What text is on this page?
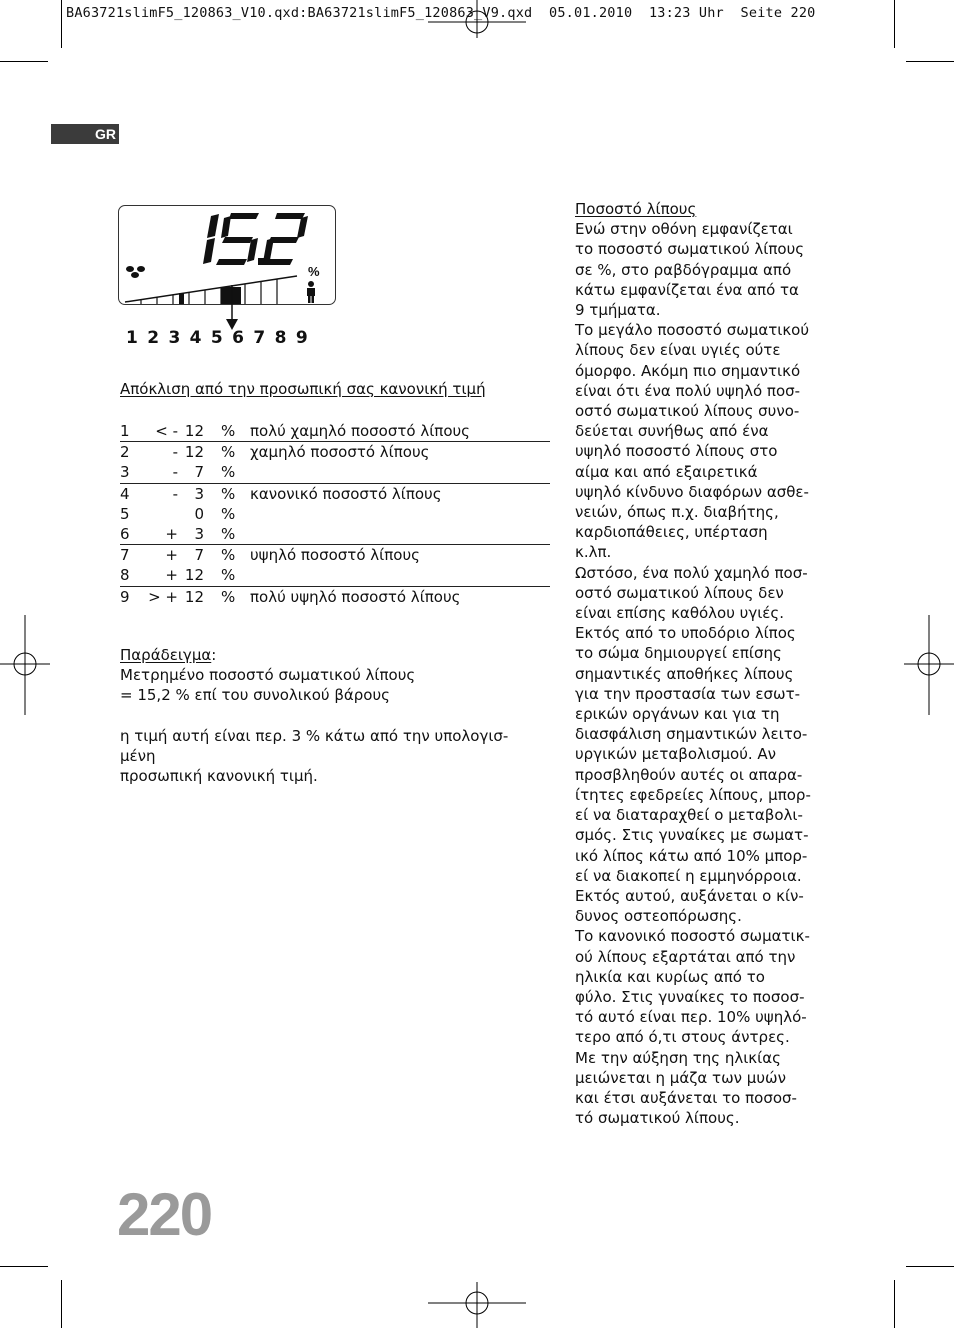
BA63721slimF5_120863_V10.qxd:BA63721slimF5_120863_V9.qxd  05.01.2010  13:23 Uhr  Seite 220
GR
%
123456789
Απόκλιση από την προσωπική σας κανονική τιμή
1	< -	12	%	πολύ χαμηλό ποσοστό λίπους
2	-	12	%	χαμηλό ποσοστό λίπους
3	-	7	%	
4	-	3	%	κανονικό ποσοστό λίπους
5		0	%	
6	+	3	%	
7	+	7	%	υψηλό ποσοστό λίπους
8	+	12	%	
9	> +	12	%	πολύ υψηλό ποσοστό λίπους

Παράδειγμα:

Μετρημένο ποσοστό σωματικού λίπους

= 15,2 % επί του συνολικού βάρους

η τιμή αυτή είναι περ. 3 % κάτω από την υπολογισ-

μένη

προσωπική κανονική τιμή.

Ποσοστό λίπους

Ενώ στην οθόνη εμφανίζεται

το ποσοστό σωματικού λίπους

σε %, στο ραβδόγραμμα από

κάτω εμφανίζεται ένα από τα

9 τμήματα.

Το μεγάλο ποσοστό σωματικού

λίπους δεν είναι υγιές ούτε

όμορφο. Ακόμη πιο σημαντικό

είναι ότι ένα πολύ υψηλό ποσ-

οστό σωματικού λίπους συνο-

δεύεται συνήθως από ένα

υψηλό ποσοστό λίπους στο

αίμα και από εξαιρετικά

υψηλό κίνδυνο διαφόρων ασθε-

νειών, όπως π.χ. διαβήτης,

καρδιοπάθειες, υπέρταση

κ.λπ.

Ωστόσο, ένα πολύ χαμηλό ποσ-

οστό σωματικού λίπους δεν

είναι επίσης καθόλου υγιές.

Εκτός από το υποδόριο λίπος

το σώμα δημιουργεί επίσης

σημαντικές αποθήκες λίπους

για την προστασία των εσωτ-

ερικών οργάνων και για τη

διασφάλιση σημαντικών λειτο-

υργικών μεταβολισμού. Αν

προσβληθούν αυτές οι απαρα-

ίτητες εφεδρείες λίπους, μπορ-

εί να διαταραχθεί ο μεταβολι-

σμός. Στις γυναίκες με σωματ-

ικό λίπος κάτω από 10% μπορ-

εί να διακοπεί η εμμηνόρροια.

Εκτός αυτού, αυξάνεται ο κίν-

δυνος οστεοπόρωσης.

Το κανονικό ποσοστό σωματικ-

ού λίπους εξαρτάται από την

ηλικία και κυρίως από το

φύλο. Στις γυναίκες το ποσοσ-

τό αυτό είναι περ. 10% υψηλό-

τερο από ό,τι στους άντρες.

Με την αύξηση της ηλικίας

μειώνεται η μάζα των μυών

και έτσι αυξάνεται το ποσοσ-

τό σωματικού λίπους.

220
